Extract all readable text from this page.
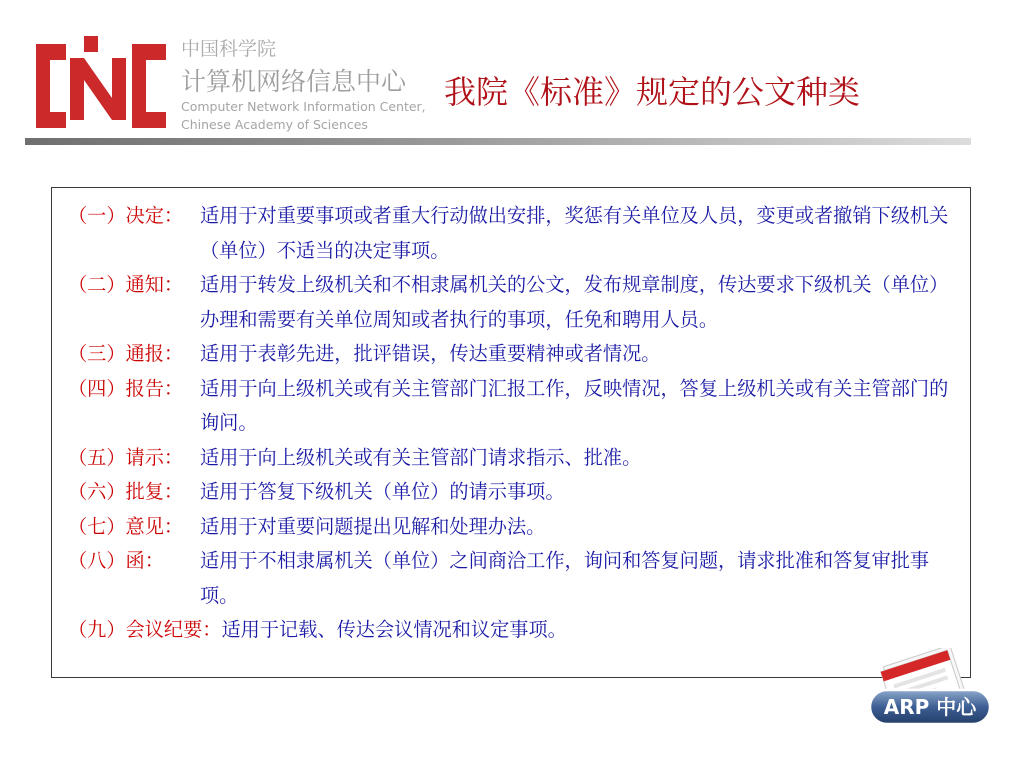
CNIC
中国科学院
计算机网络信息中心
Computer Network Information Center,
Chinese Academy of Sciences
我院《标准》规定的公文种类
（一）决定： 适用于对重要事项或者重大行动做出安排，奖惩有关单位及人员，变更或者撤销下级机关（单位）不适当的决定事项。
（二）通知： 适用于转发上级机关和不相隶属机关的公文，发布规章制度，传达要求下级机关（单位）办理和需要有关单位周知或者执行的事项，任免和聘用人员。
（三）通报： 适用于表彰先进，批评错误，传达重要精神或者情况。
（四）报告： 适用于向上级机关或有关主管部门汇报工作，反映情况，答复上级机关或有关主管部门的询问。
（五）请示： 适用于向上级机关或有关主管部门请求指示、批准。
（六）批复： 适用于答复下级机关（单位）的请示事项。
（七）意见： 适用于对重要问题提出见解和处理办法。
（八）函：	适用于不相隶属机关（单位）之间商洽工作，询问和答复问题，请求批准和答复审批事项。
（九）会议纪要： 适用于记载、传达会议情况和议定事项。
ARP 中心
